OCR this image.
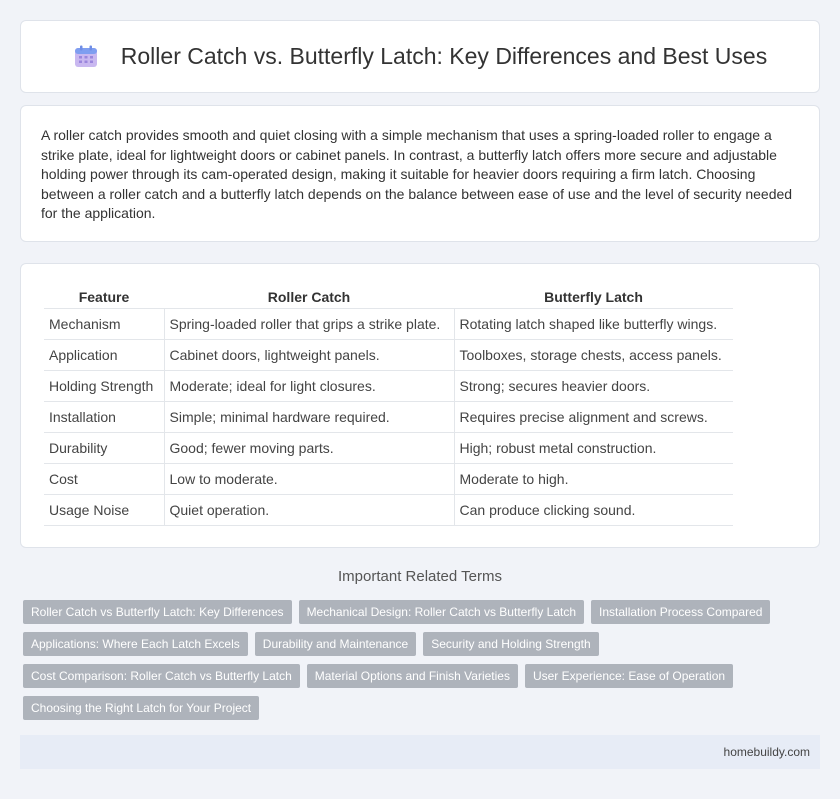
Roller Catch vs. Butterfly Latch: Key Differences and Best Uses

A roller catch provides smooth and quiet closing with a simple mechanism that uses a spring-loaded roller to engage a strike plate, ideal for lightweight doors or cabinet panels. In contrast, a butterfly latch offers more secure and adjustable holding power through its cam-operated design, making it suitable for heavier doors requiring a firm latch. Choosing between a roller catch and a butterfly latch depends on the balance between ease of use and the level of security needed for the application.

Feature	Roller Catch	Butterfly Latch
Mechanism	Spring-loaded roller that grips a strike plate.	Rotating latch shaped like butterfly wings.
Application	Cabinet doors, lightweight panels.	Toolboxes, storage chests, access panels.
Holding Strength	Moderate; ideal for light closures.	Strong; secures heavier doors.
Installation	Simple; minimal hardware required.	Requires precise alignment and screws.
Durability	Good; fewer moving parts.	High; robust metal construction.
Cost	Low to moderate.	Moderate to high.
Usage Noise	Quiet operation.	Can produce clicking sound.
Important Related Terms
Roller Catch vs Butterfly Latch: Key Differences	Mechanical Design: Roller Catch vs Butterfly Latch	Installation Process Compared
Applications: Where Each Latch Excels	Durability and Maintenance	Security and Holding Strength
Cost Comparison: Roller Catch vs Butterfly Latch	Material Options and Finish Varieties	User Experience: Ease of Operation
Choosing the Right Latch for Your Project
homebuildy.com
